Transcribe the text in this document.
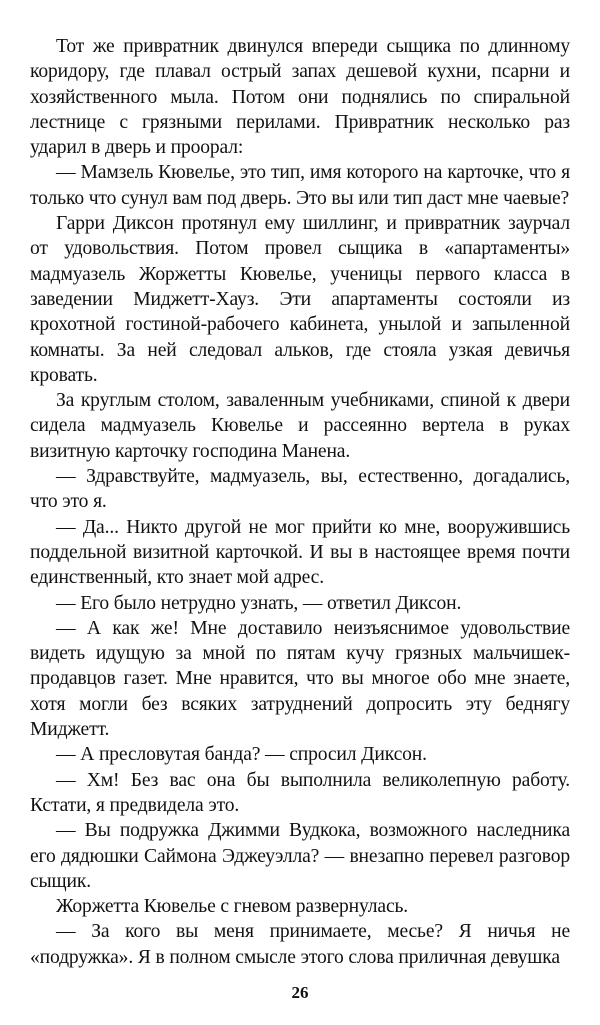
Тот же привратник двинулся впереди сыщика по длинному коридору, где плавал острый запах дешевой кухни, псарни и хозяйственного мыла. Потом они поднялись по спиральной лестнице с грязными перилами. Привратник несколько раз ударил в дверь и проорал:

— Мамзель Кювелье, это тип, имя которого на карточке, что я только что сунул вам под дверь. Это вы или тип даст мне чаевые?

Гарри Диксон протянул ему шиллинг, и привратник заурчал от удовольствия. Потом провел сыщика в «апартаменты» мадмуазель Жоржетты Кювелье, ученицы первого класса в заведении Миджетт-Хауз. Эти апартаменты состояли из крохотной гостиной-рабочего кабинета, унылой и запыленной комнаты. За ней следовал альков, где стояла узкая девичья кровать.

За круглым столом, заваленным учебниками, спиной к двери сидела мадмуазель Кювелье и рассеянно вертела в руках визитную карточку господина Манена.

— Здравствуйте, мадмуазель, вы, естественно, догадались, что это я.

— Да... Никто другой не мог прийти ко мне, вооружившись поддельной визитной карточкой. И вы в настоящее время почти единственный, кто знает мой адрес.

— Его было нетрудно узнать, — ответил Диксон.

— А как же! Мне доставило неизъяснимое удовольствие видеть идущую за мной по пятам кучу грязных мальчишек-продавцов газет. Мне нравится, что вы многое обо мне знаете, хотя могли без всяких затруднений допросить эту беднягу Миджетт.

— А пресловутая банда? — спросил Диксон.

— Хм! Без вас она бы выполнила великолепную работу. Кстати, я предвидела это.

— Вы подружка Джимми Вудкока, возможного наследника его дядюшки Саймона Эджеуэлла? — внезапно перевел разговор сыщик.

Жоржетта Кювелье с гневом развернулась.

— За кого вы меня принимаете, месье? Я ничья не «подружка». Я в полном смысле этого слова приличная девушка

26
